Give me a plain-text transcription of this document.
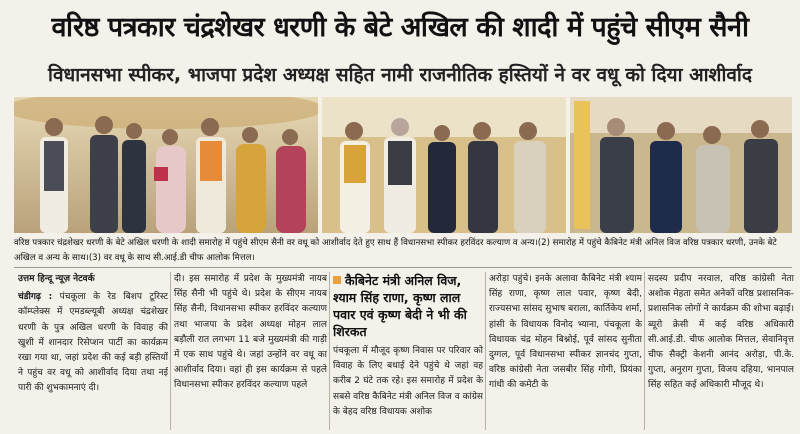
वरिष्ठ पत्रकार चंद्रशेखर धरणी के बेटे अखिल की शादी में पहुंचे सीएम सैनी
विधानसभा स्पीकर, भाजपा प्रदेश अध्यक्ष सहित नामी राजनीतिक हस्तियों ने वर वधू को दिया आशीर्वाद
वरिष्ठ पत्रकार चंद्रशेखर धरणी के बेटे अखिल धरणी के शादी समारोह में पहुंचे सीएम सैनी वर वधू को आशीर्वाद देते हुए साथ हैं विधानसभा स्पीकर हरविंदर कल्याण व अन्य।(2) समारोह में पहुंचे कैबिनेट मंत्री अनिल विज वरिष्ठ पत्रकार धरणी, उनके बेटे अखिल व अन्य के साथ।(3) वर वधू के साथ सी.आई.डी चीफ आलोक मित्तल।
उत्तम हिन्दू न्यूज़ नेटवर्क
चंडीगढ़ : पंचकूला के रेड बिशप टूरिस्ट कॉम्प्लेक्स में एमडब्ल्यूबी अध्यक्ष चंद्रशेखर धरणी के पुत्र अखिल धरणी के विवाह की खुशी में शानदार रिसेप्शन पार्टी का कार्यक्रम रखा गया था, जहां प्रदेश की कई बड़ी हस्तियों ने पहुंच वर वधू को आशीर्वाद दिया तथा नई पारी की शुभकामनाएं दी।
दी। इस समारोह में प्रदेश के मुख्यमंत्री नायब सिंह सैनी भी पहुंचे थे। प्रदेश के सीएम नायब सिंह सैनी, विधानसभा स्पीकर हरविंदर कल्याण तथा भाजपा के प्रदेश अध्यक्ष मोहन लाल बड़ौली रात लगभग 11 बजे मुख्यमंत्री की गाड़ी में एक साथ पहुंचे थे। जहां उन्होंने वर वधू का आशीर्वाद दिया। वहां ही इस कार्यक्रम से पहले विधानसभा स्पीकर हरविंदर कल्याण पहले
कैबिनेट मंत्री अनिल विज, श्याम सिंह राणा, कृष्ण लाल पवार एवं कृष्ण बेदी ने भी की शिरकत
पंचकूला में मौजूद कृष्ण निवास पर परिवार को विवाह के लिए बधाई देने पहुंचे थे जहां वह करीब 2 घंटे तक रहे। इस समारोह में प्रदेश के सबसे वरिष्ठ कैबिनेट मंत्री अनिल विज व कांग्रेस के बेहद वरिष्ठ विधायक अशोक
अरोड़ा पहुंचे। इनके अलावा कैबिनेट मंत्री श्याम सिंह राणा, कृष्ण लाल पवार, कृष्ण बेदी, राज्यसभा सांसद सुभाष बराला, कार्तिकेय शर्मा, हांसी के विधायक विनोद भ्याना, पंचकूला के विधायक चंद्र मोहन बिश्नोई, पूर्व सांसद सुनीता दुग्गल, पूर्व विधानसभा स्पीकर ज्ञानचंद गुप्ता, वरिष्ठ कांग्रेसी नेता जसबीर सिंह गोगी, प्रियंका गांधी की कमेटी के
सदस्य प्रदीप नरवाल, वरिष्ठ कांग्रेसी नेता अशोक मेहता समेत अनेकों वरिष्ठ प्रशासनिक-प्रशासनिक लोगों ने कार्यक्रम की शोभा बढ़ाई। ब्यूरो क्रेसी में कई वरिष्ठ अधिकारी सी.आई.डी. चीफ आलोक मित्तल, सेवानिवृत्त चीफ सैक्ट्री केशनी आनंद अरोड़ा, पी.के. गुप्ता, अनुराग गुप्ता, विजय दहिया, भानपाल सिंह सहित कई अधिकारी मौजूद थे।
